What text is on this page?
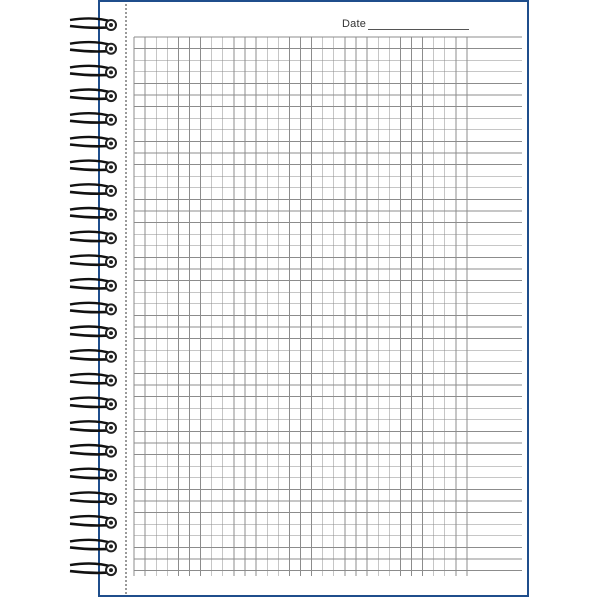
Date
